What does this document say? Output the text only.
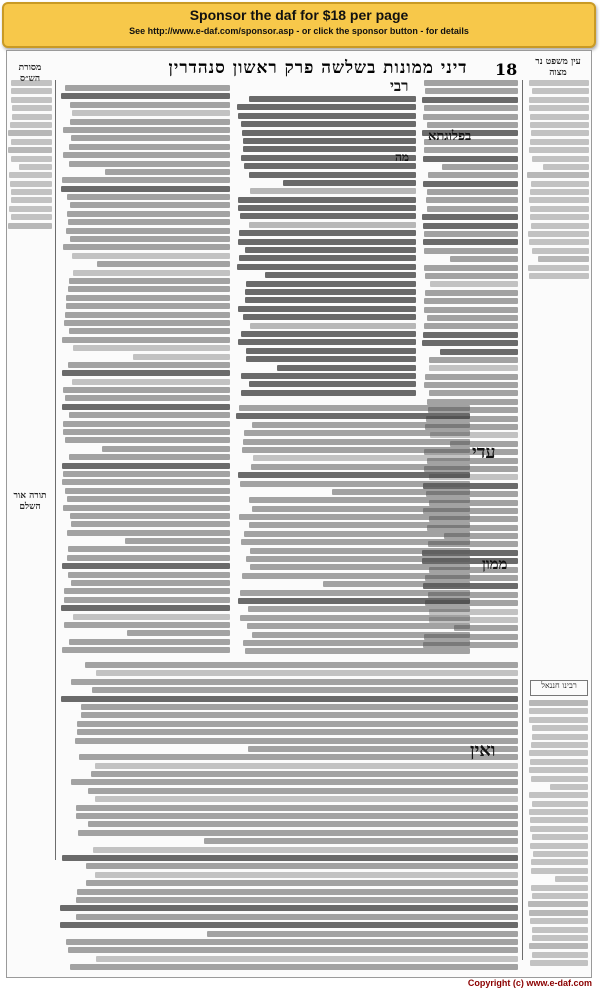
Sponsor the daf for $18 per page
See http://www.e-daf.com/sponsor.asp - or click the sponsor button - for details
18
דיני ממונות בשלשה פרק ראשון סנהדרין
מסורת הש״ס
עין משפט נר מצוה
תורה אור השלם
רבי
מה
בפלוגתא
עדי
ממון
ואין
רבינו חננאל
Copyright (c) www.e-daf.com
